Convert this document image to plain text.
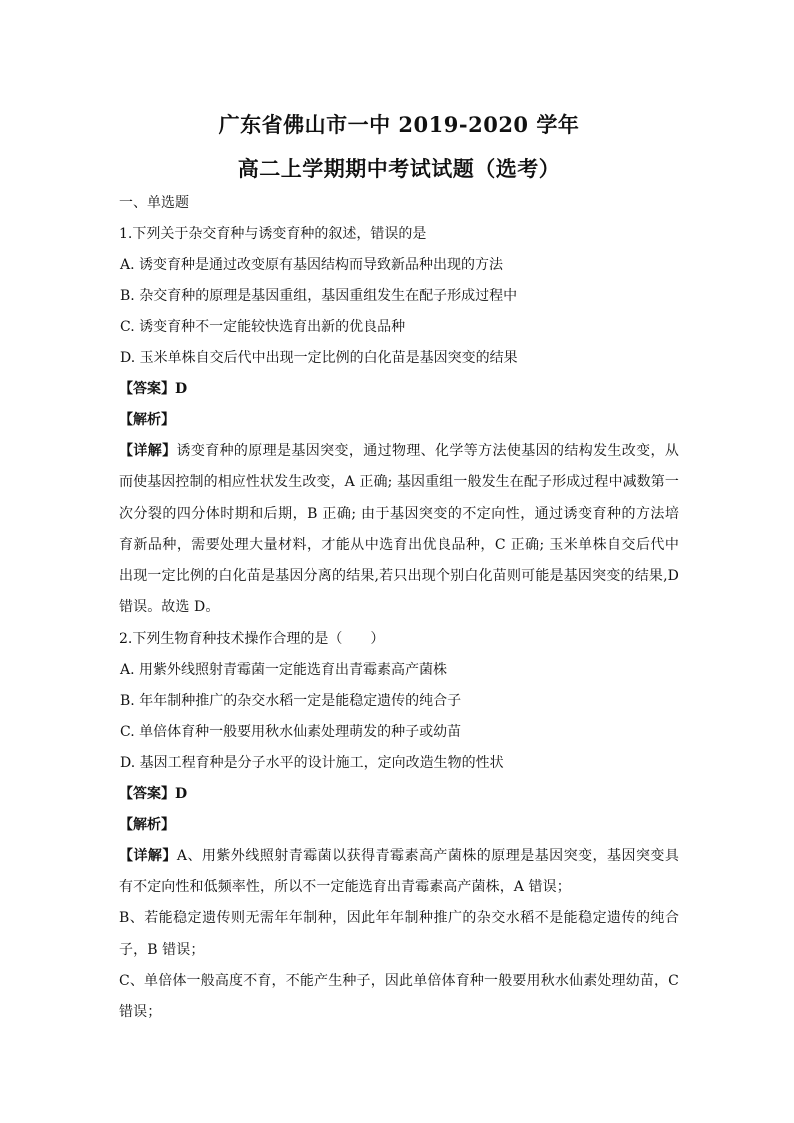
广东省佛山市一中 2019-2020 学年
高二上学期期中考试试题（选考）
一、单选题
1.下列关于杂交育种与诱变育种的叙述，错误的是
A. 诱变育种是通过改变原有基因结构而导致新品种出现的方法
B. 杂交育种的原理是基因重组，基因重组发生在配子形成过程中
C. 诱变育种不一定能较快选育出新的优良品种
D. 玉米单株自交后代中出现一定比例的白化苗是基因突变的结果
【答案】D
【解析】
【详解】诱变育种的原理是基因突变，通过物理、化学等方法使基因的结构发生改变，从而使基因控制的相应性状发生改变，A 正确; 基因重组一般发生在配子形成过程中减数第一次分裂的四分体时期和后期，B 正确; 由于基因突变的不定向性，通过诱变育种的方法培育新品种，需要处理大量材料，才能从中选育出优良品种，C 正确; 玉米单株自交后代中出现一定比例的白化苗是基因分离的结果,若只出现个别白化苗则可能是基因突变的结果,D 错误。故选 D。
2.下列生物育种技术操作合理的是（　　）
A. 用紫外线照射青霉菌一定能选育出青霉素高产菌株
B. 年年制种推广的杂交水稻一定是能稳定遗传的纯合子
C. 单倍体育种一般要用秋水仙素处理萌发的种子或幼苗
D. 基因工程育种是分子水平的设计施工，定向改造生物的性状
【答案】D
【解析】
【详解】A、用紫外线照射青霉菌以获得青霉素高产菌株的原理是基因突变，基因突变具有不定向性和低频率性，所以不一定能选育出青霉素高产菌株，A 错误；
B、若能稳定遗传则无需年年制种，因此年年制种推广的杂交水稻不是能稳定遗传的纯合子，B 错误；
C、单倍体一般高度不育，不能产生种子，因此单倍体育种一般要用秋水仙素处理幼苗，C 错误；
